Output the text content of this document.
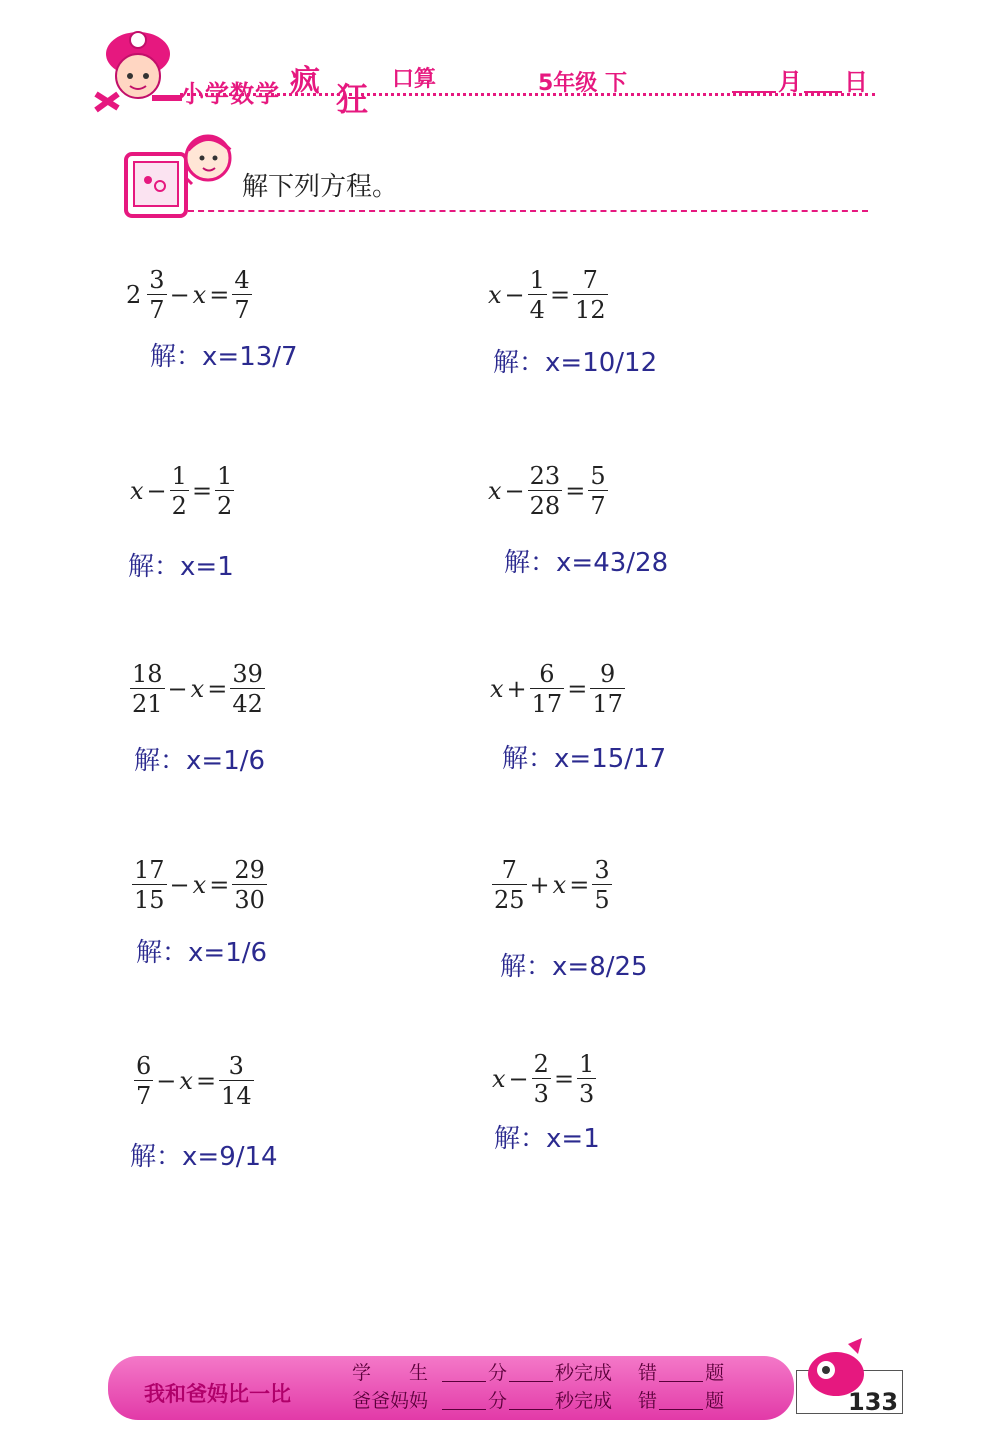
小学数学 疯 狂
口算	5年级 下	月 日
解下列方程。
$2 \frac{3}{7} - x = \frac{4}{7}$
解：x=13/7
$x - \frac{1}{4} = \frac{7}{12}$
解：x=10/12
$x - \frac{1}{2} = \frac{1}{2}$
解：x=1
$x - \frac{23}{28} = \frac{5}{7}$
解：x=43/28
$\frac{18}{21} - x = \frac{39}{42}$
解：x=1/6
$x + \frac{6}{17} = \frac{9}{17}$
解：x=15/17
$\frac{17}{15} - x = \frac{29}{30}$
解：x=1/6
$\frac{7}{25} + x = \frac{3}{5}$
解：x=8/25
$\frac{6}{7} - x = \frac{3}{14}$
解：x=9/14
$x - \frac{2}{3} = \frac{1}{3}$
解：x=1
我和爸妈比一比
学　　生	分	秒完成 错	题
爸爸妈妈	分	秒完成 错	题	133
